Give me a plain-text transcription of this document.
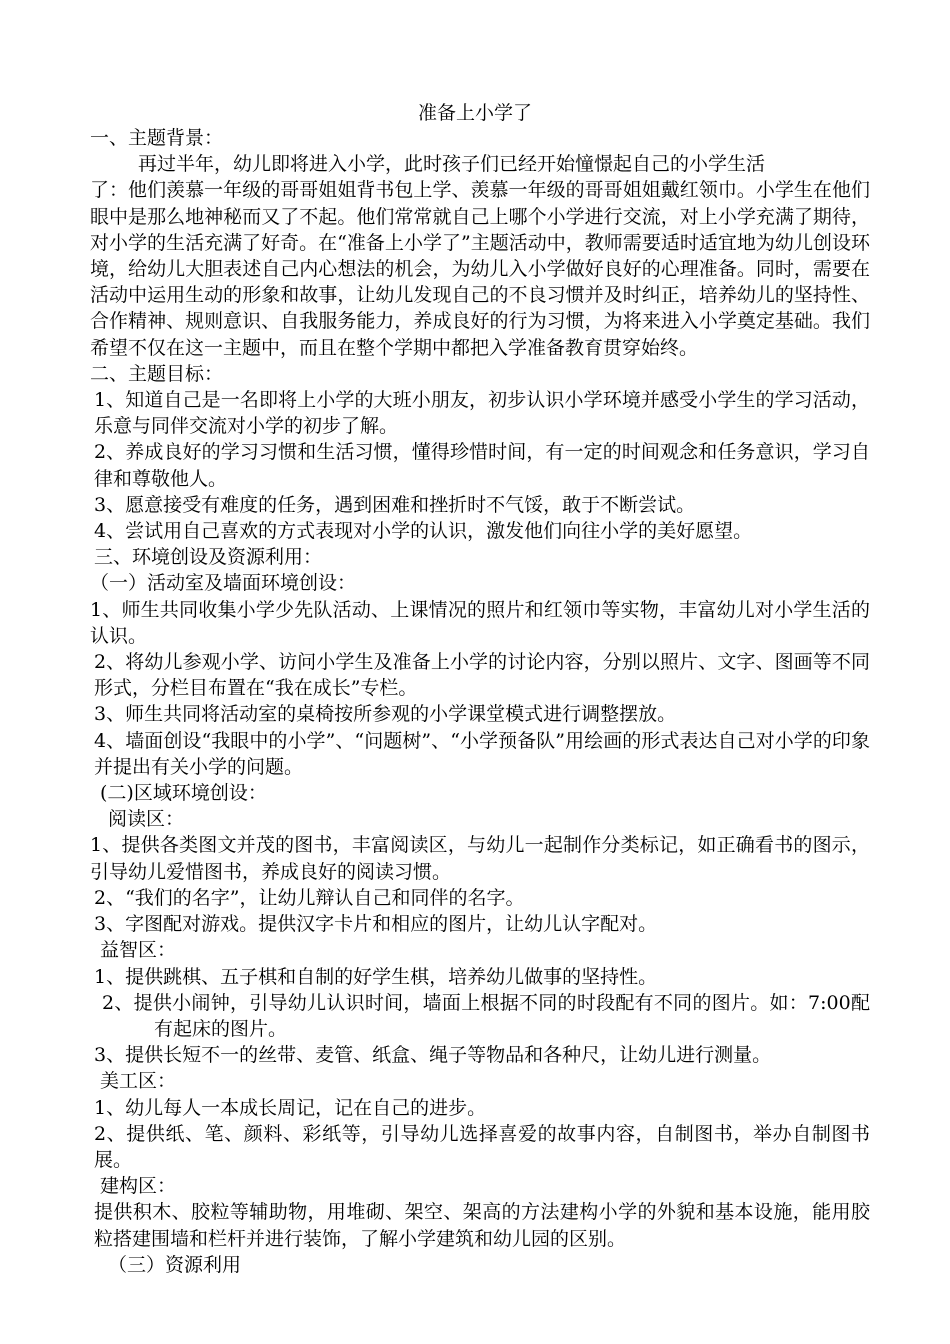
准备上小学了
一、主题背景：
再过半年，幼儿即将进入小学，此时孩子们已经开始憧憬起自己的小学生活
了：他们羡慕一年级的哥哥姐姐背书包上学、羡慕一年级的哥哥姐姐戴红领巾。小学生在他们眼中是那么地神秘而又了不起。他们常常就自己上哪个小学进行交流，对上小学充满了期待，对小学的生活充满了好奇。在“准备上小学了”主题活动中，教师需要适时适宜地为幼儿创设环境，给幼儿大胆表述自己内心想法的机会，为幼儿入小学做好良好的心理准备。同时，需要在活动中运用生动的形象和故事，让幼儿发现自己的不良习惯并及时纠正，培养幼儿的坚持性、合作精神、规则意识、自我服务能力，养成良好的行为习惯，为将来进入小学奠定基础。我们希望不仅在这一主题中，而且在整个学期中都把入学准备教育贯穿始终。
二、主题目标：
1、知道自己是一名即将上小学的大班小朋友，初步认识小学环境并感受小学生的学习活动，乐意与同伴交流对小学的初步了解。
2、养成良好的学习习惯和生活习惯，懂得珍惜时间，有一定的时间观念和任务意识，学习自律和尊敬他人。
3、愿意接受有难度的任务，遇到困难和挫折时不气馁，敢于不断尝试。
4、尝试用自己喜欢的方式表现对小学的认识，激发他们向往小学的美好愿望。
三、环境创设及资源利用：
（一）活动室及墙面环境创设：
1、师生共同收集小学少先队活动、上课情况的照片和红领巾等实物，丰富幼儿对小学生活的认识。
2、将幼儿参观小学、访问小学生及准备上小学的讨论内容，分别以照片、文字、图画等不同形式，分栏目布置在“我在成长”专栏。
3、师生共同将活动室的桌椅按所参观的小学课堂模式进行调整摆放。
4、墙面创设“我眼中的小学”、“问题树”、“小学预备队”用绘画的形式表达自己对小学的印象并提出有关小学的问题。
(二)区域环境创设：
阅读区：
1、提供各类图文并茂的图书，丰富阅读区，与幼儿一起制作分类标记，如正确看书的图示，引导幼儿爱惜图书，养成良好的阅读习惯。
2、“我们的名字”，让幼儿辩认自己和同伴的名字。
3、字图配对游戏。提供汉字卡片和相应的图片，让幼儿认字配对。
益智区：
1、提供跳棋、五子棋和自制的好学生棋，培养幼儿做事的坚持性。
2、提供小闹钟，引导幼儿认识时间，墙面上根据不同的时段配有不同的图片。如：7:00配有起床的图片。
3、提供长短不一的丝带、麦管、纸盒、绳子等物品和各种尺，让幼儿进行测量。
美工区：
1、幼儿每人一本成长周记，记在自己的进步。
2、提供纸、笔、颜料、彩纸等，引导幼儿选择喜爱的故事内容，自制图书，举办自制图书展。
建构区：
提供积木、胶粒等辅助物，用堆砌、架空、架高的方法建构小学的外貌和基本设施，能用胶粒搭建围墙和栏杆并进行装饰，了解小学建筑和幼儿园的区别。
（三）资源利用
